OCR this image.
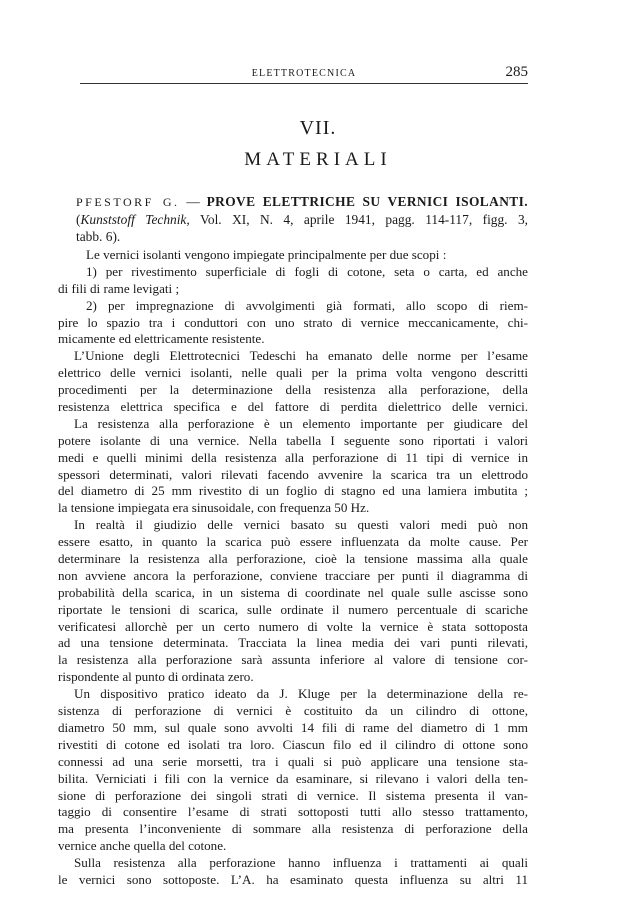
ELETTROTECNICA	285
VII.
MATERIALI
PFESTORF G. — PROVE ELETTRICHE SU VERNICI ISOLANTI.
(Kunststoff Technik, Vol. XI, N. 4, aprile 1941, pagg. 114-117, figg. 3,
tabb. 6).
Le vernici isolanti vengono impiegate principalmente per due scopi :
1) per rivestimento superficiale di fogli di cotone, seta o carta, ed anche
di fili di rame levigati ;
2) per impregnazione di avvolgimenti già formati, allo scopo di riem-
pire lo spazio tra i conduttori con uno strato di vernice meccanicamente, chi-
micamente ed elettricamente resistente.
L’Unione degli Elettrotecnici Tedeschi ha emanato delle norme per l’esame
elettrico delle vernici isolanti, nelle quali per la prima volta vengono descritti
procedimenti per la determinazione della resistenza alla perforazione, della
resistenza elettrica specifica e del fattore di perdita dielettrico delle vernici.
La resistenza alla perforazione è un elemento importante per giudicare del
potere isolante di una vernice. Nella tabella I seguente sono riportati i valori
medi e quelli minimi della resistenza alla perforazione di 11 tipi di vernice in
spessori determinati, valori rilevati facendo avvenire la scarica tra un elettrodo
del diametro di 25 mm rivestito di un foglio di stagno ed una lamiera imbutita ;
la tensione impiegata era sinusoidale, con frequenza 50 Hz.
In realtà il giudizio delle vernici basato su questi valori medi può non
essere esatto, in quanto la scarica può essere influenzata da molte cause. Per
determinare la resistenza alla perforazione, cioè la tensione massima alla quale
non avviene ancora la perforazione, conviene tracciare per punti il diagramma di
probabilità della scarica, in un sistema di coordinate nel quale sulle ascisse sono
riportate le tensioni di scarica, sulle ordinate il numero percentuale di scariche
verificatesi allorchè per un certo numero di volte la vernice è stata sottoposta
ad una tensione determinata. Tracciata la linea media dei vari punti rilevati,
la resistenza alla perforazione sarà assunta inferiore al valore di tensione cor-
rispondente al punto di ordinata zero.
Un dispositivo pratico ideato da J. Kluge per la determinazione della re-
sistenza di perforazione di vernici è costituito da un cilindro di ottone,
diametro 50 mm, sul quale sono avvolti 14 fili di rame del diametro di 1 mm
rivestiti di cotone ed isolati tra loro. Ciascun filo ed il cilindro di ottone sono
connessi ad una serie morsetti, tra i quali si può applicare una tensione sta-
bilita. Verniciati i fili con la vernice da esaminare, si rilevano i valori della ten-
sione di perforazione dei singoli strati di vernice. Il sistema presenta il van-
taggio di consentire l’esame di strati sottoposti tutti allo stesso trattamento,
ma presenta l’inconveniente di sommare alla resistenza di perforazione della
vernice anche quella del cotone.
Sulla resistenza alla perforazione hanno influenza i trattamenti ai quali
le vernici sono sottoposte. L’A. ha esaminato questa influenza su altri 11
